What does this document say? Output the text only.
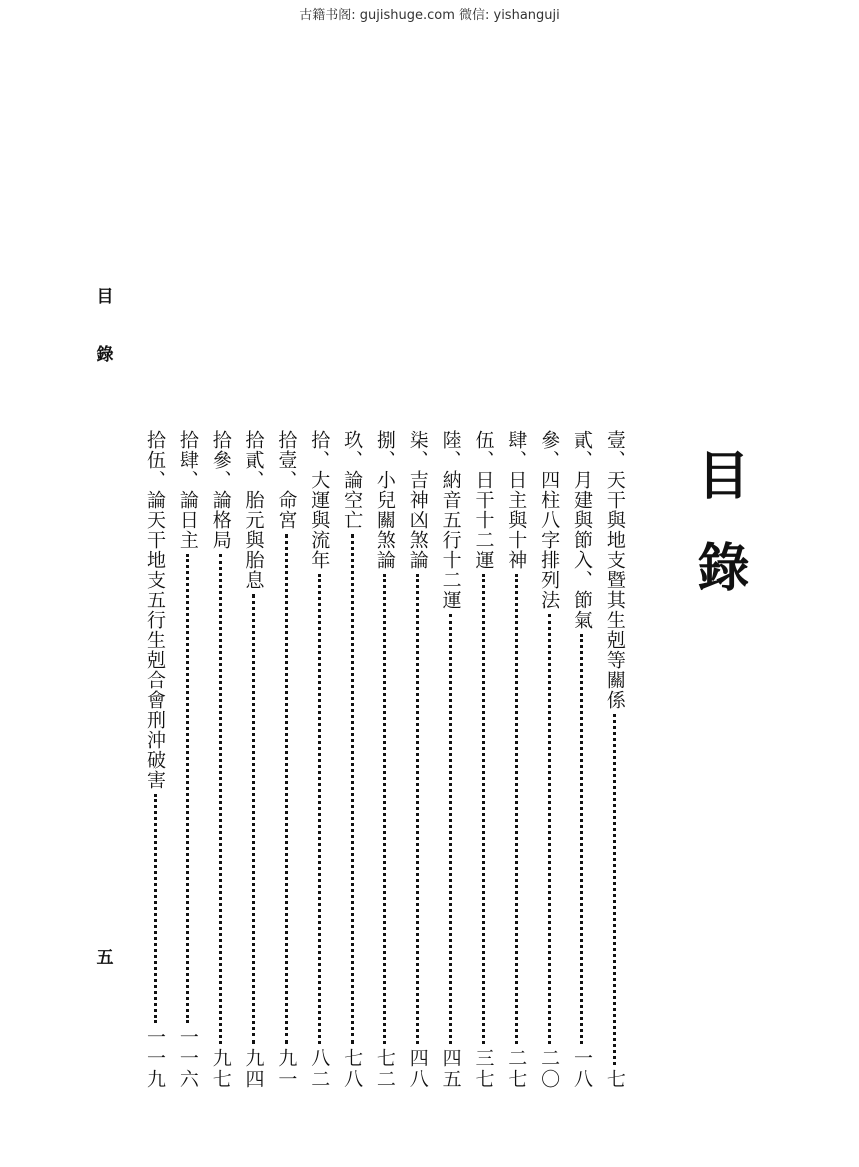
古籍书阁: gujishuge.com 微信: yishanguji
目
錄
五
目錄
壹、天干與地支暨其生剋等關係
七
貳、月建與節入、節氣
一八
參、四柱八字排列法
二〇
肆、日主與十神
二七
伍、日干十二運
三七
陸、納音五行十二運
四五
柒、吉神凶煞論
四八
捌、小兒關煞論
七二
玖、論空亡
七八
拾、大運與流年
八二
拾壹、命宮
九一
拾貳、胎元與胎息
九四
拾參、論格局
九七
拾肆、論日主
一一六
拾伍、論天干地支五行生剋合會刑沖破害
一一九
